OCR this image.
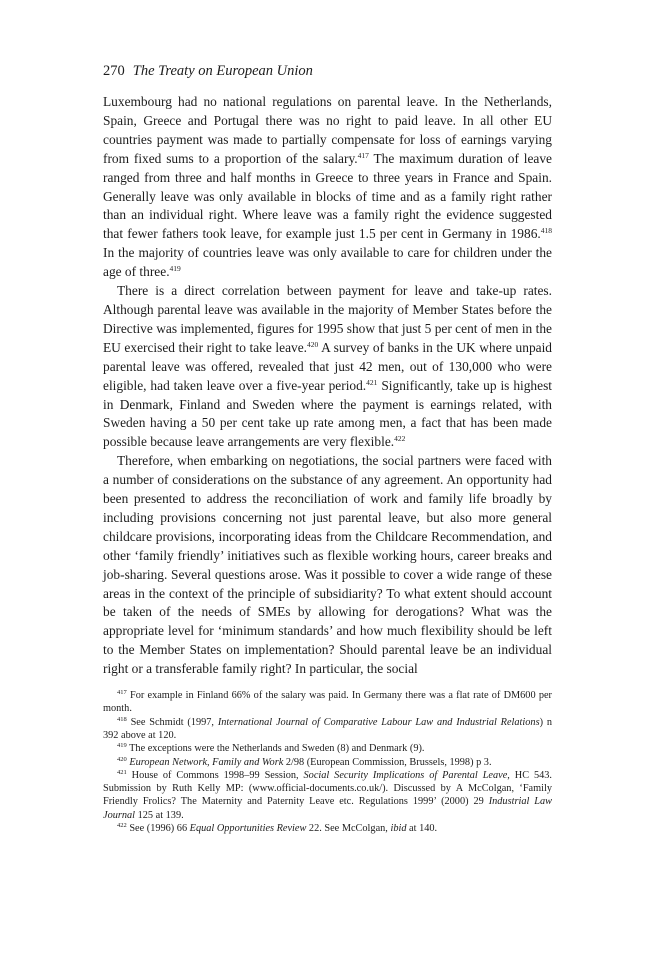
270 The Treaty on European Union

Luxembourg had no national regulations on parental leave. In the Netherlands, Spain, Greece and Portugal there was no right to paid leave. In all other EU countries payment was made to partially compensate for loss of earnings varying from fixed sums to a proportion of the salary.$^{417}$ The maximum duration of leave ranged from three and half months in Greece to three years in France and Spain. Generally leave was only available in blocks of time and as a family right rather than an individual right. Where leave was a family right the evidence suggested that fewer fathers took leave, for example just 1.5 per cent in Germany in 1986.$^{418}$ In the majority of countries leave was only available to care for children under the age of three.$^{419}$

There is a direct correlation between payment for leave and take-up rates. Although parental leave was available in the majority of Member States before the Directive was implemented, figures for 1995 show that just 5 per cent of men in the EU exercised their right to take leave.$^{420}$ A survey of banks in the UK where unpaid parental leave was offered, revealed that just 42 men, out of 130,000 who were eligible, had taken leave over a five-year period.$^{421}$ Significantly, take up is highest in Denmark, Finland and Sweden where the payment is earnings related, with Sweden having a 50 per cent take up rate among men, a fact that has been made possible because leave arrangements are very flexible.$^{422}$

Therefore, when embarking on negotiations, the social partners were faced with a number of considerations on the substance of any agreement. An opportunity had been presented to address the reconciliation of work and family life broadly by including provisions concerning not just parental leave, but also more general childcare provisions, incorporating ideas from the Childcare Recommendation, and other ‘family friendly’ initiatives such as flexible working hours, career breaks and job-sharing. Several questions arose. Was it possible to cover a wide range of these areas in the context of the principle of subsidiarity? To what extent should account be taken of the needs of SMEs by allowing for derogations? What was the appropriate level for ‘minimum standards’ and how much flexibility should be left to the Member States on implementation? Should parental leave be an individual right or a transferable family right? In particular, the social

$^{417}$ For example in Finland 66% of the salary was paid. In Germany there was a flat rate of DM600 per month.

$^{418}$ See Schmidt (1997, International Journal of Comparative Labour Law and Industrial Relations) n 392 above at 120.

$^{419}$ The exceptions were the Netherlands and Sweden (8) and Denmark (9).

$^{420}$ European Network, Family and Work 2/98 (European Commission, Brussels, 1998) p 3.

$^{421}$ House of Commons 1998–99 Session, Social Security Implications of Parental Leave, HC 543. Submission by Ruth Kelly MP: (www.official-documents.co.uk/). Discussed by A McColgan, ‘Family Friendly Frolics? The Maternity and Paternity Leave etc. Regulations 1999’ (2000) 29 Industrial Law Journal 125 at 139.

$^{422}$ See (1996) 66 Equal Opportunities Review 22. See McColgan, ibid at 140.
